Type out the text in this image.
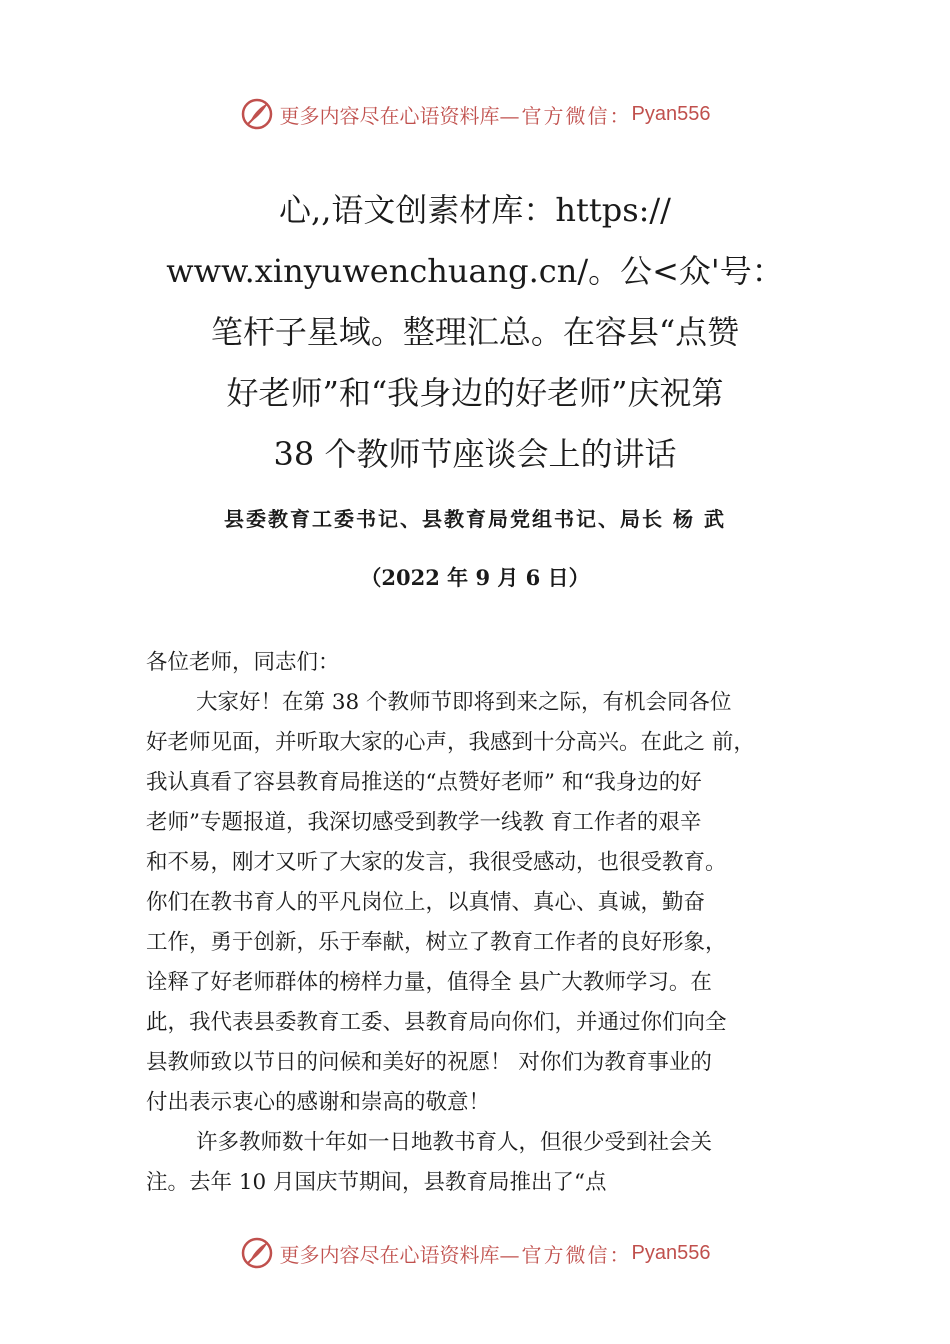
更多内容尽在心语资料库 —官方微信： Pyan556
心,,语文创素材库：https://
www.xinyuwenchuang.cn/。公<众'号：
笔杆子星域。整理汇总。在容县“点赞
好老师”和“我身边的好老师”庆祝第
38 个教师节座谈会上的讲话
县委教育工委书记、县教育局党组书记、局长 杨 武
（2022 年 9 月 6 日）
各位老师，同志们：
大家好！在第 38 个教师节即将到来之际，有机会同各位
好老师见面，并听取大家的心声，我感到十分高兴。在此之 前，
我认真看了容县教育局推送的“点赞好老师” 和“我身边的好
老师”专题报道，我深切感受到教学一线教 育工作者的艰辛
和不易，刚才又听了大家的发言，我很受感动，也很受教育。
你们在教书育人的平凡岗位上，以真情、真心、真诚，勤奋
工作，勇于创新，乐于奉献，树立了教育工作者的良好形象，
诠释了好老师群体的榜样力量，值得全 县广大教师学习。在
此，我代表县委教育工委、县教育局向你们，并通过你们向全
县教师致以节日的问候和美好的祝愿！ 对你们为教育事业的
付出表示衷心的感谢和崇高的敬意！
许多教师数十年如一日地教书育人，但很少受到社会关
注。去年 10 月国庆节期间，县教育局推出了“点
更多内容尽在心语资料库 —官方微信： Pyan556
